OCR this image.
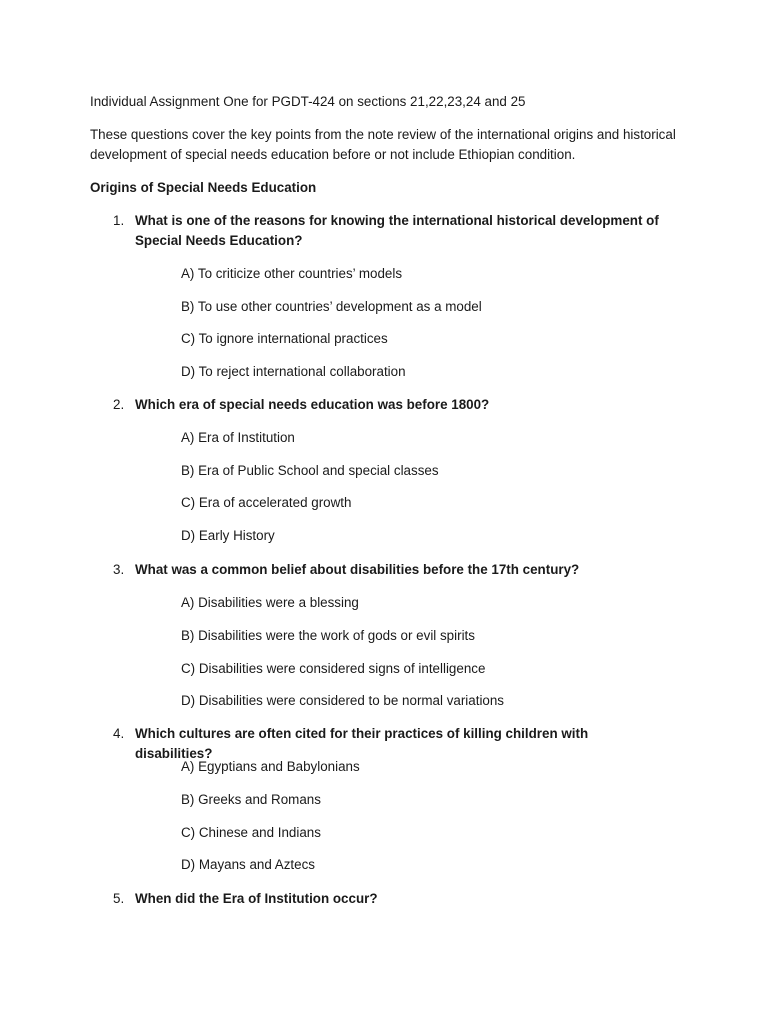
Individual Assignment One for PGDT-424 on sections 21,22,23,24 and 25

These questions cover the key points from the note review of the international origins and historical development of special needs education before or not include Ethiopian condition.

Origins of Special Needs Education

1. What is one of the reasons for knowing the international historical development of Special Needs Education?

A) To criticize other countries’ models

B) To use other countries’ development as a model

C) To ignore international practices

D) To reject international collaboration

2. Which era of special needs education was before 1800?

A) Era of Institution

B) Era of Public School and special classes

C) Era of accelerated growth

D) Early History

3. What was a common belief about disabilities before the 17th century?

A) Disabilities were a blessing

B) Disabilities were the work of gods or evil spirits

C) Disabilities were considered signs of intelligence

D) Disabilities were considered to be normal variations

4. Which cultures are often cited for their practices of killing children with disabilities?

A) Egyptians and Babylonians

B) Greeks and Romans

C) Chinese and Indians

D) Mayans and Aztecs

5. When did the Era of Institution occur?
